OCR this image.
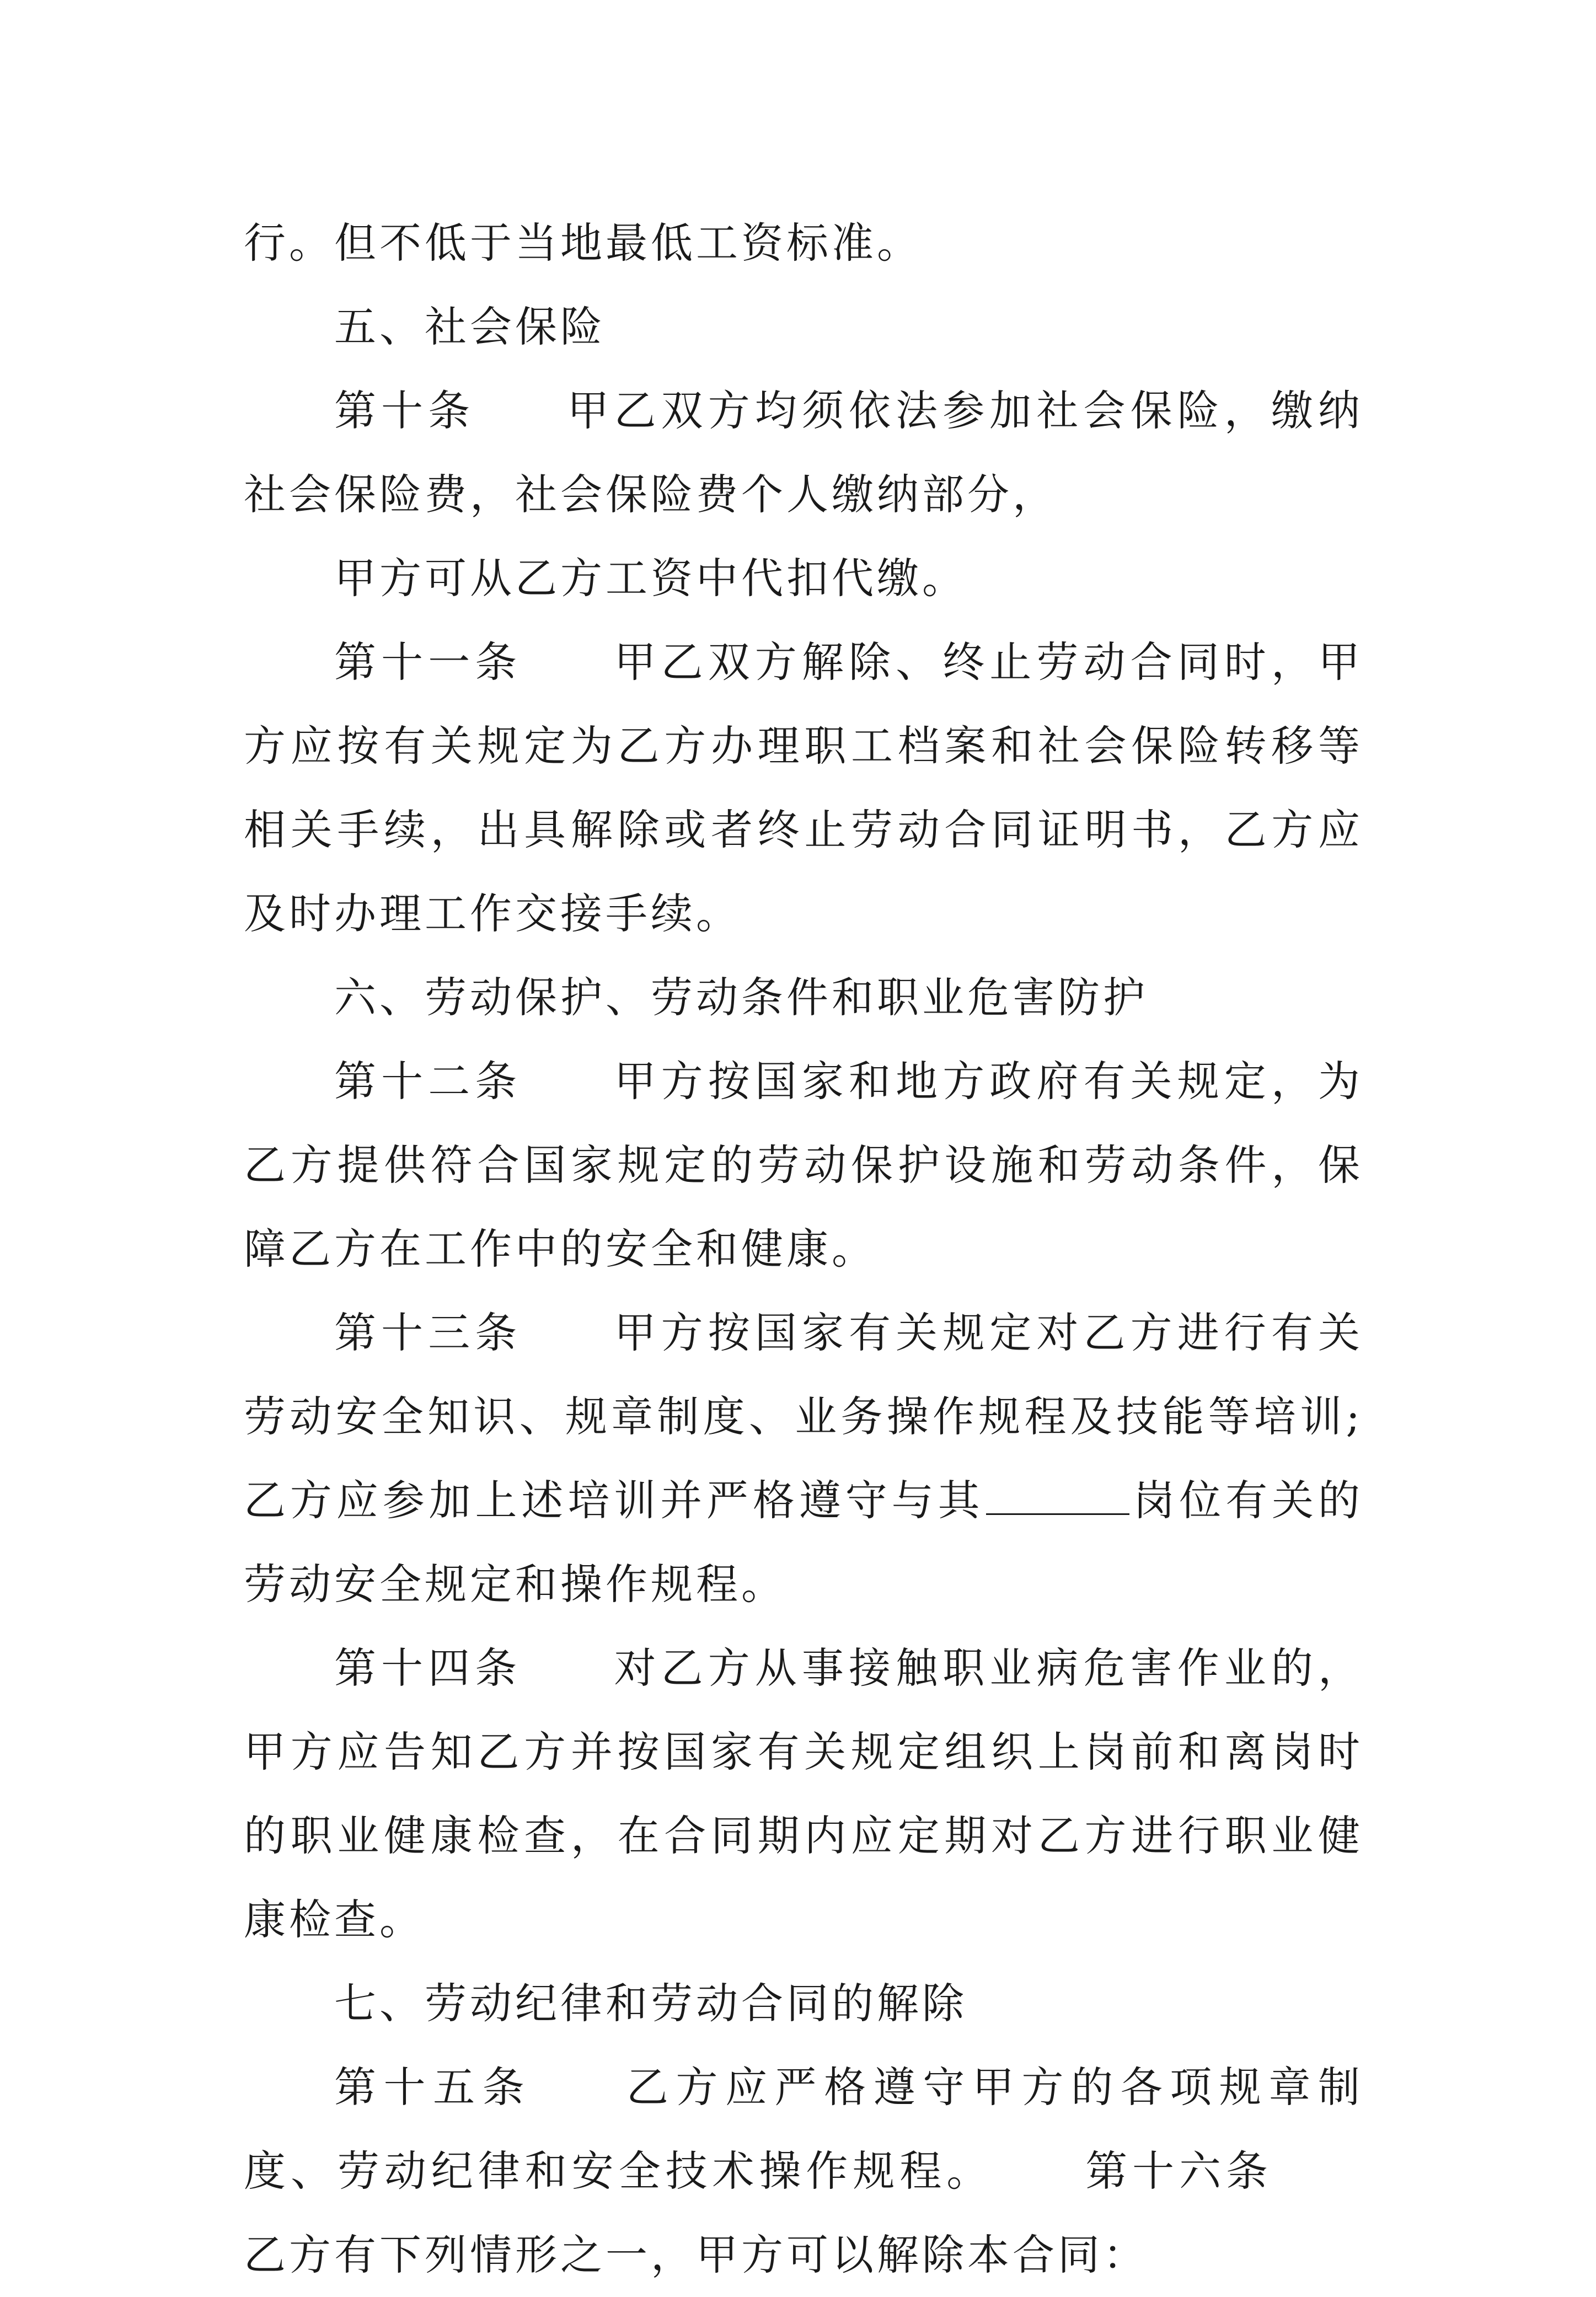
行。但不低于当地最低工资标准。

五、社会保险

第十条 甲乙双方均须依法参加社会保险，缴纳社会保险费，社会保险费个人缴纳部分，

甲方可从乙方工资中代扣代缴。

第十一条 甲乙双方解除、终止劳动合同时，甲方应按有关规定为乙方办理职工档案和社会保险转移等相关手续，出具解除或者终止劳动合同证明书，乙方应及时办理工作交接手续。

六、劳动保护、劳动条件和职业危害防护

第十二条 甲方按国家和地方政府有关规定，为乙方提供符合国家规定的劳动保护设施和劳动条件，保障乙方在工作中的安全和健康。

第十三条 甲方按国家有关规定对乙方进行有关劳动安全知识、规章制度、业务操作规程及技能等培训;乙方应参加上述培训并严格遵守与其	岗位有关的劳动安全规定和操作规程。

第十四条 对乙方从事接触职业病危害作业的，甲方应告知乙方并按国家有关规定组织上岗前和离岗时的职业健康检查，在合同期内应定期对乙方进行职业健康检查。

七、劳动纪律和劳动合同的解除

第十五条 乙方应严格遵守甲方的各项规章制度、劳动纪律和安全技术操作规程。 第十六条乙方有下列情形之一，甲方可以解除本合同：
